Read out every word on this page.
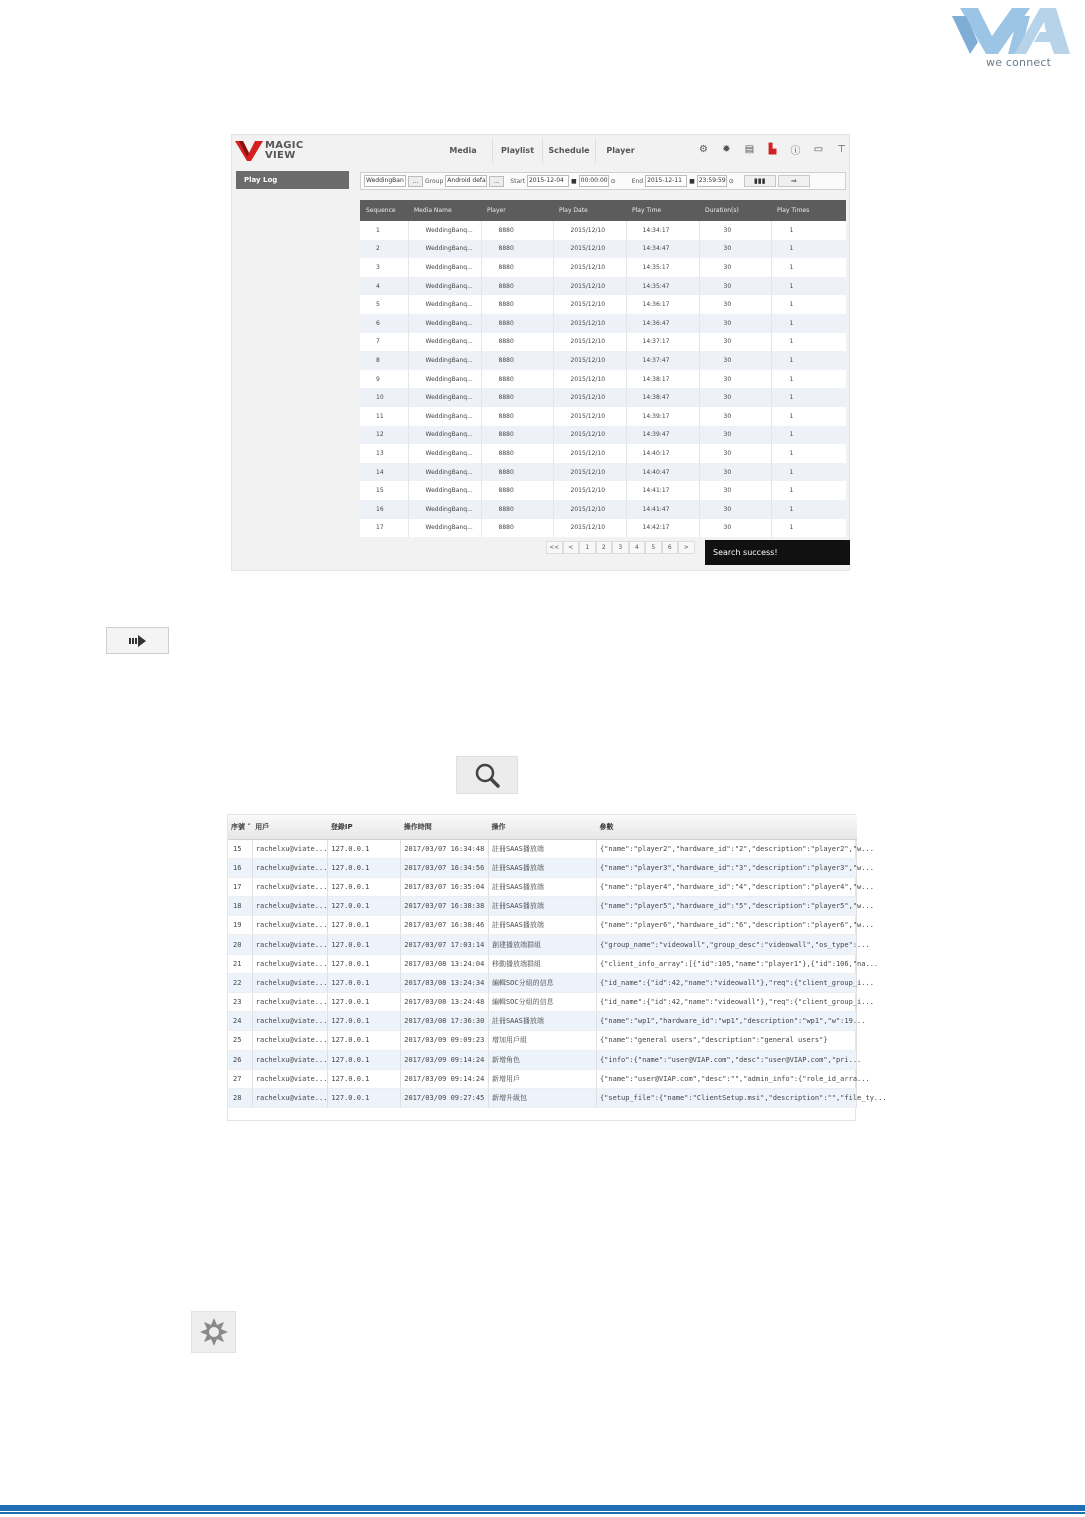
we connect
MAGIC
VIEW	Media	Playlist	Schedule	Player	⚙	✹	▤	▙	ⓘ	▭	⊤
Play Log	WeddingBan	...	Group Android defa	...	Start 2015-12-04	■ 00:00:00 ⊙	End 2015-12-11	■ 23:59:59 ⊙	▮▮▮	⇒
Sequence	Media Name	Player	Play Date	Play Time	Duration(s)	Play Times
1	WeddingBanq...	8880	2015/12/10	14:34:17	30	1
2	WeddingBanq...	8880	2015/12/10	14:34:47	30	1
3	WeddingBanq...	8880	2015/12/10	14:35:17	30	1
4	WeddingBanq...	8880	2015/12/10	14:35:47	30	1
5	WeddingBanq...	8880	2015/12/10	14:36:17	30	1
6	WeddingBanq...	8880	2015/12/10	14:36:47	30	1
7	WeddingBanq...	8880	2015/12/10	14:37:17	30	1
8	WeddingBanq...	8880	2015/12/10	14:37:47	30	1
9	WeddingBanq...	8880	2015/12/10	14:38:17	30	1
10	WeddingBanq...	8880	2015/12/10	14:38:47	30	1
11	WeddingBanq...	8880	2015/12/10	14:39:17	30	1
12	WeddingBanq...	8880	2015/12/10	14:39:47	30	1
13	WeddingBanq...	8880	2015/12/10	14:40:17	30	1
14	WeddingBanq...	8880	2015/12/10	14:40:47	30	1
15	WeddingBanq...	8880	2015/12/10	14:41:17	30	1
16	WeddingBanq...	8880	2015/12/10	14:41:47	30	1
17	WeddingBanq...	8880	2015/12/10	14:42:17	30	1
<<	<	1	2	3	4	5	6	>
Search success!
序號 ˄	用戶	登錄IP	操作時間	操作	參數
15	rachelxu@viate...	127.0.0.1	2017/03/07 16:34:48	註冊SAAS播放端	{"name":"player2","hardware_id":"2","description":"player2","w...
16	rachelxu@viate...	127.0.0.1	2017/03/07 16:34:56	註冊SAAS播放端	{"name":"player3","hardware_id":"3","description":"player3","w...
17	rachelxu@viate...	127.0.0.1	2017/03/07 16:35:04	註冊SAAS播放端	{"name":"player4","hardware_id":"4","description":"player4","w...
18	rachelxu@viate...	127.0.0.1	2017/03/07 16:38:38	註冊SAAS播放端	{"name":"player5","hardware_id":"5","description":"player5","w...
19	rachelxu@viate...	127.0.0.1	2017/03/07 16:38:46	註冊SAAS播放端	{"name":"player6","hardware_id":"6","description":"player6","w...
20	rachelxu@viate...	127.0.0.1	2017/03/07 17:03:14	創建播放端群組	{"group_name":"videowall","group_desc":"videowall","os_type":...
21	rachelxu@viate...	127.0.0.1	2017/03/08 13:24:04	移動播放端群組	{"client_info_array":[{"id":105,"name":"player1"},{"id":106,"na...
22	rachelxu@viate...	127.0.0.1	2017/03/08 13:24:34	編輯SOC分組的信息	{"id_name":{"id":42,"name":"videowall"},"req":{"client_group_i...
23	rachelxu@viate...	127.0.0.1	2017/03/08 13:24:48	編輯SOC分組的信息	{"id_name":{"id":42,"name":"videowall"},"req":{"client_group_i...
24	rachelxu@viate...	127.0.0.1	2017/03/08 17:36:30	註冊SAAS播放端	{"name":"wp1","hardware_id":"wp1","description":"wp1","w":19...
25	rachelxu@viate...	127.0.0.1	2017/03/09 09:09:23	增加用戶組	{"name":"general users","description":"general users"}
26	rachelxu@viate...	127.0.0.1	2017/03/09 09:14:24	新增角色	{"info":{"name":"user@VIAP.com","desc":"user@VIAP.com","pri...
27	rachelxu@viate...	127.0.0.1	2017/03/09 09:14:24	新增用戶	{"name":"user@VIAP.com","desc":"","admin_info":{"role_id_arra...
28	rachelxu@viate...	127.0.0.1	2017/03/09 09:27:45	新增升級包	{"setup_file":{"name":"ClientSetup.msi","description":"","file_ty...
